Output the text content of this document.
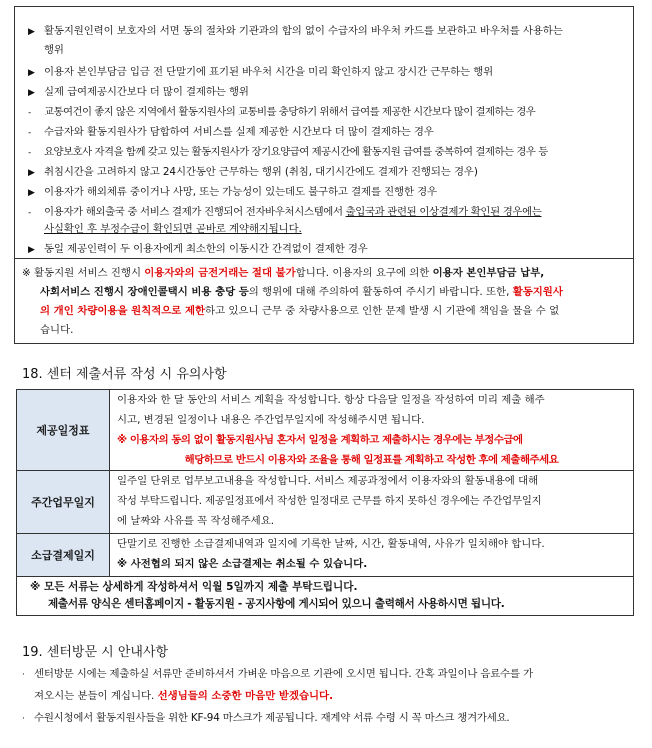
▶ 활동지원인력이 보호자의 서면 동의 절차와 기관과의 합의 없이 수급자의 바우처 카드를 보관하고 바우처를 사용하는
행위
▶ 이용자 본인부담금 입금 전 단말기에 표기된 바우처 시간을 미리 확인하지 않고 장시간 근무하는 행위
▶ 실제 급여제공시간보다 더 많이 결제하는 행위
- 교통여건이 좋지 않은 지역에서 활동지원사의 교통비를 충당하기 위해서 급여를 제공한 시간보다 많이 결제하는 경우
- 수급자와 활동지원사가 담합하여 서비스를 실제 제공한 시간보다 더 많이 결제하는 경우
- 요양보호사 자격을 함께 갖고 있는 활동지원사가 장기요양급여 제공시간에 활동지원 급여를 중복하여 결제하는 경우 등
▶ 취침시간을 고려하지 않고 24시간동안 근무하는 행위 (취침, 대기시간에도 결제가 진행되는 경우)
▶ 이용자가 해외체류 중이거나 사망, 또는 가능성이 있는데도 불구하고 결제를 진행한 경우
- 이용자가 해외출국 중 서비스 결제가 진행되어 전자바우처시스템에서 출입국과 관련된 이상결제가 확인된 경우에는
사실확인 후 부정수급이 확인되면 곧바로 계약해지됩니다.
▶ 동일 제공인력이 두 이용자에게 최소한의 이동시간 간격없이 결제한 경우
※ 활동지원 서비스 진행시 이용자와의 금전거래는 절대 불가합니다. 이용자의 요구에 의한 이용자 본인부담금 납부,
사회서비스 진행시 장애인콜택시 비용 충당 등의 행위에 대해 주의하여 활동하여 주시기 바랍니다. 또한, 활동지원사
의 개인 차량이용을 원칙적으로 제한하고 있으니 근무 중 차량사용으로 인한 문제 발생 시 기관에 책임을 물을 수 없
습니다.
18. 센터 제출서류 작성 시 유의사항
제공일정표	이용자와 한 달 동안의 서비스 계획을 작성합니다. 항상 다음달 일정을 작성하여 미리 제출 해주
시고, 변경된 일정이나 내용은 주간업무일지에 작성해주시면 됩니다.
※ 이용자의 동의 없이 활동지원사님 혼자서 일정을 계획하고 제출하시는 경우에는 부정수급에
해당하므로 반드시 이용자와 조율을 통해 일정표를 계획하고 작성한 후에 제출해주세요

주간업무일지	일주일 단위로 업무보고내용을 작성합니다. 서비스 제공과정에서 이용자와의 활동내용에 대해
작성 부탁드립니다. 제공일정표에서 작성한 일정대로 근무를 하지 못하신 경우에는 주간업무일지
에 날짜와 사유를 꼭 작성해주세요.

소급결제일지	단말기로 진행한 소급결제내역과 일지에 기록한 날짜, 시간, 활동내역, 사유가 일치해야 합니다.
※ 사전협의 되지 않은 소급결제는 취소될 수 있습니다.
※ 모든 서류는 상세하게 작성하셔서 익월 5일까지 제출 부탁드립니다.
제출서류 양식은 센터홈페이지 - 활동지원 - 공지사항에 게시되어 있으니 출력해서 사용하시면 됩니다.
19. 센터방문 시 안내사항
· 센터방문 시에는 제출하실 서류만 준비하셔서 가벼운 마음으로 기관에 오시면 됩니다. 간혹 과일이나 음료수를 가
져오시는 분들이 계십니다. 선생님들의 소중한 마음만 받겠습니다.
· 수원시청에서 활동지원사들을 위한 KF-94 마스크가 제공됩니다. 재계약 서류 수령 시 꼭 마스크 챙겨가세요.
